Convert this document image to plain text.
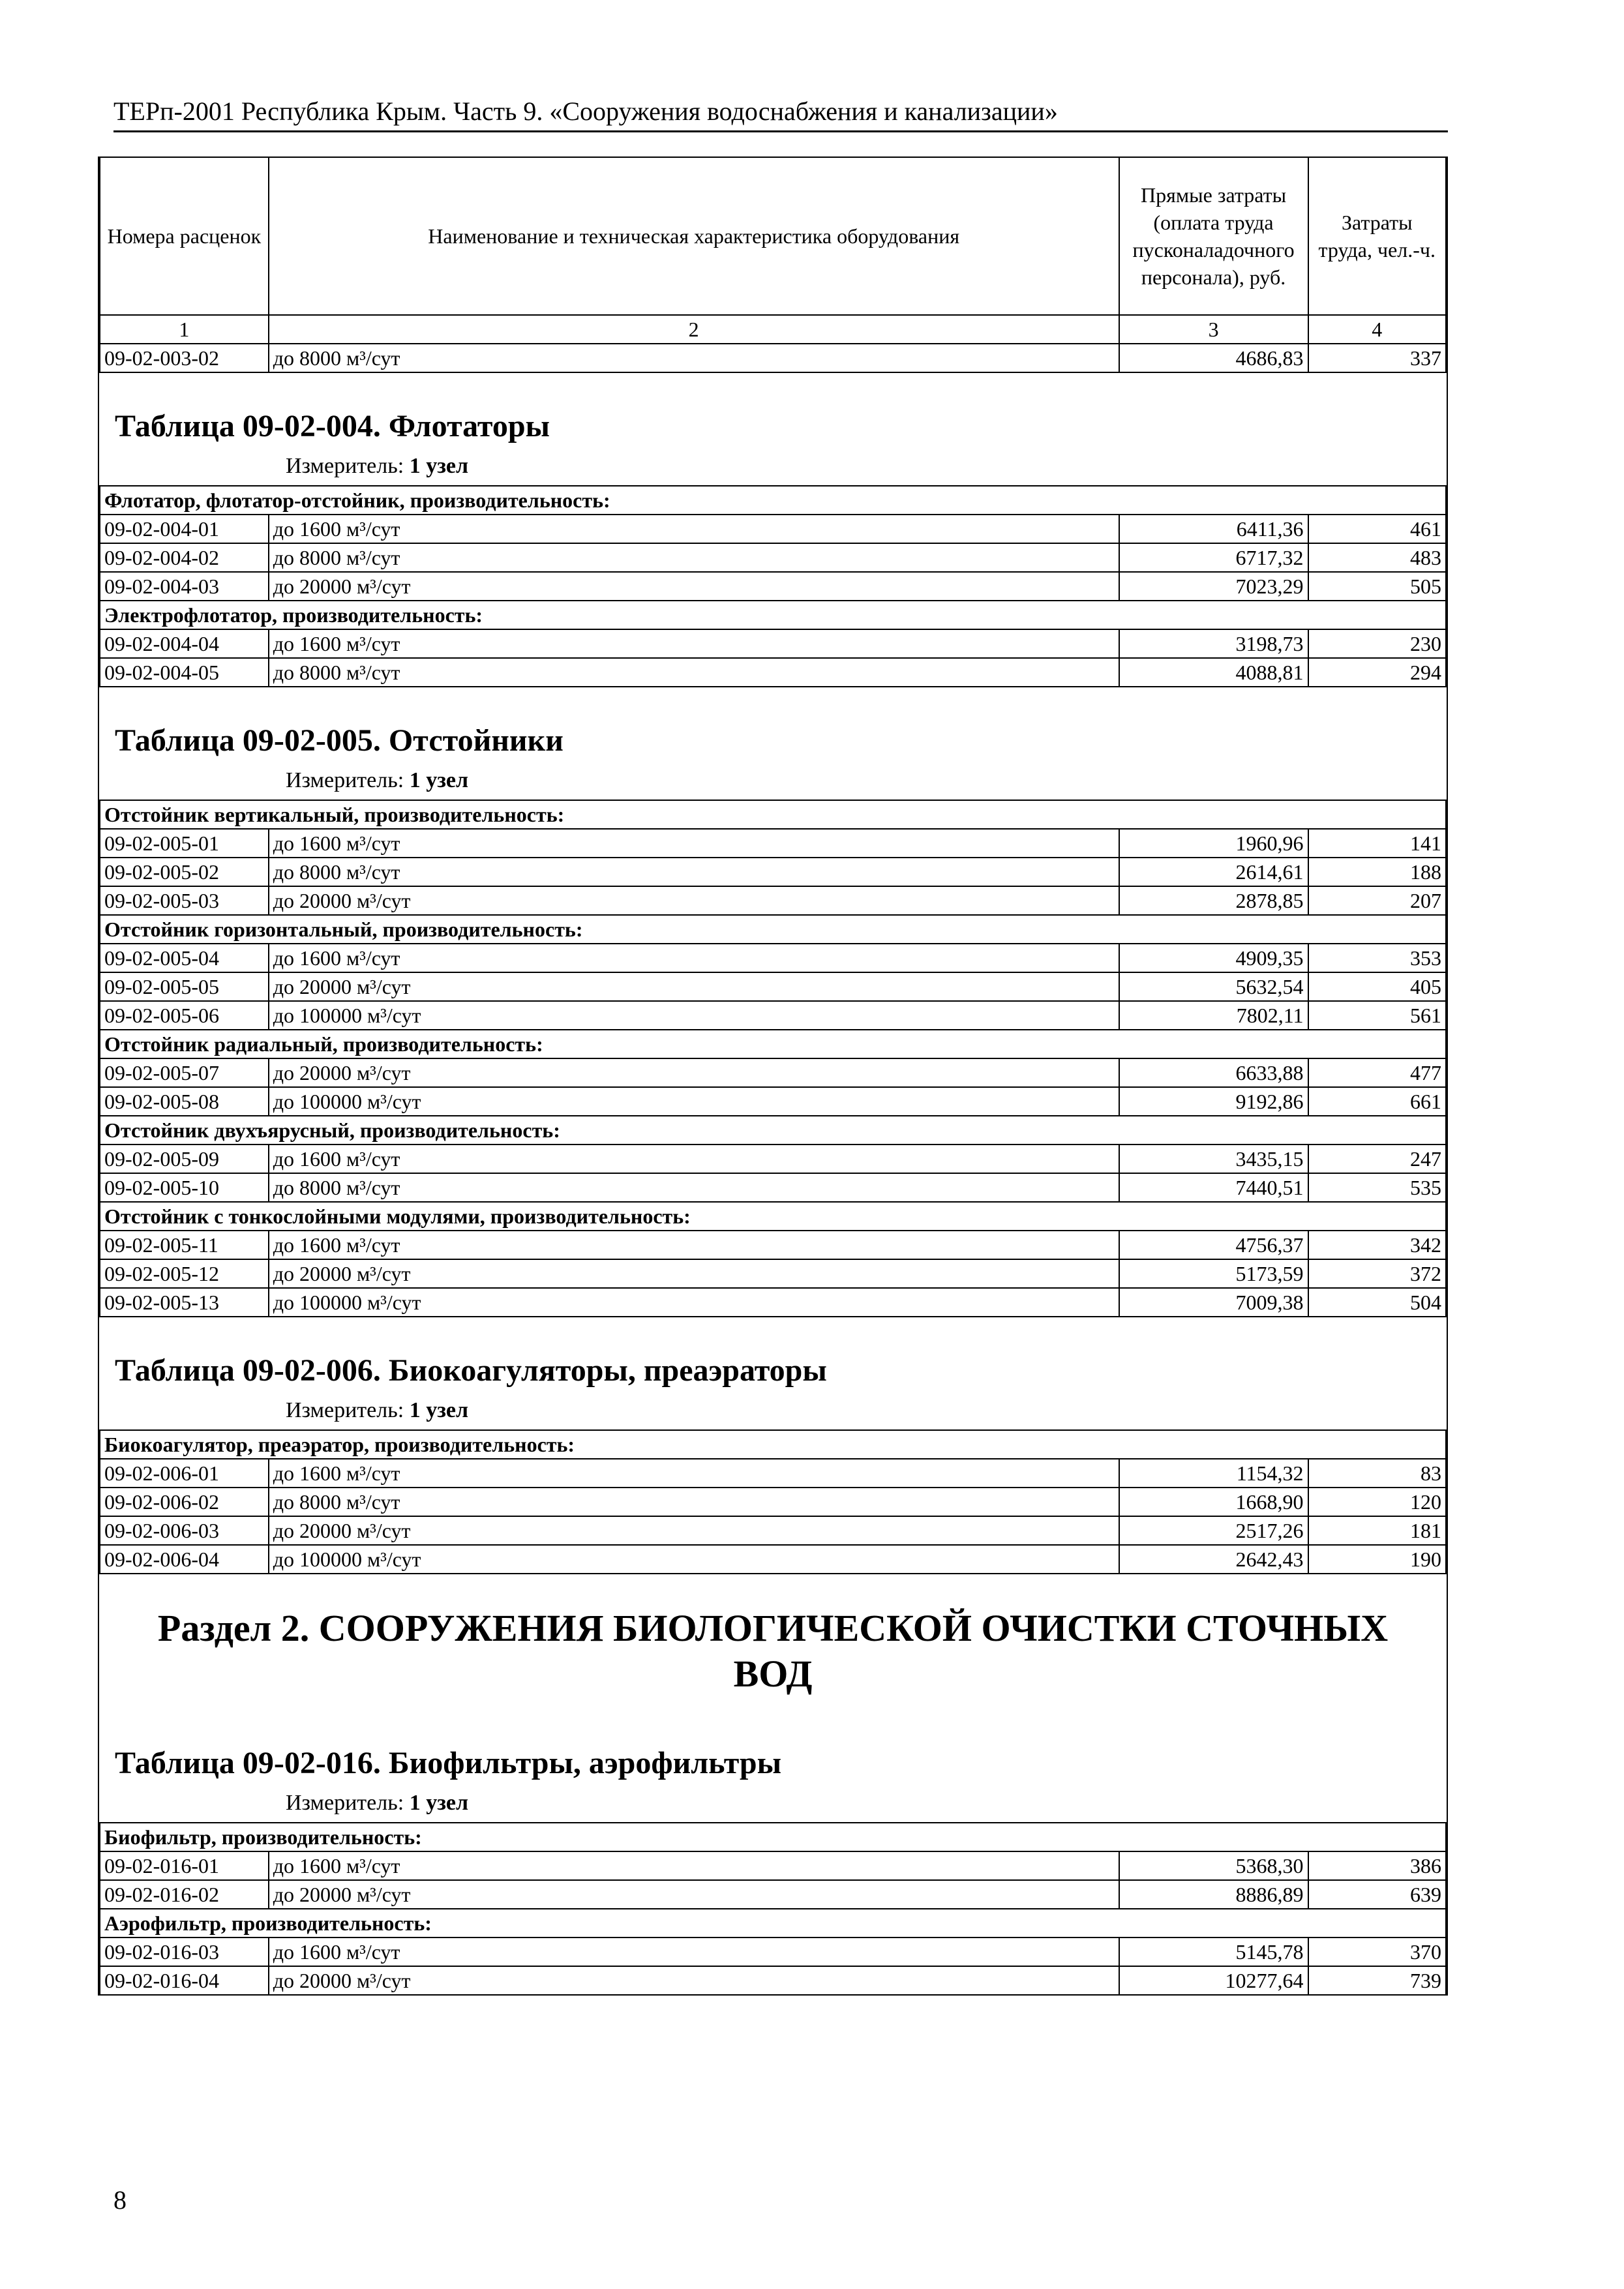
ТЕРп-2001 Республика Крым. Часть 9. «Сооружения водоснабжения и канализации»
Номера расценок	Наименование и техническая характеристика оборудования	Прямые затраты (оплата труда пусконаладочного персонала), руб.	Затраты труда, чел.-ч.
1	2	3	4
09-02-003-02	до 8000 м³/сут	4686,83	337
Таблица 09-02-004. Флотаторы
Измеритель: 1 узел
Флотатор, флотатор-отстойник, производительность:			
09-02-004-01	до 1600 м³/сут	6411,36	461
09-02-004-02	до 8000 м³/сут	6717,32	483
09-02-004-03	до 20000 м³/сут	7023,29	505
Электрофлотатор, производительность:			
09-02-004-04	до 1600 м³/сут	3198,73	230
09-02-004-05	до 8000 м³/сут	4088,81	294
Таблица 09-02-005. Отстойники
Измеритель: 1 узел
Отстойник вертикальный, производительность:			
09-02-005-01	до 1600 м³/сут	1960,96	141
09-02-005-02	до 8000 м³/сут	2614,61	188
09-02-005-03	до 20000 м³/сут	2878,85	207
Отстойник горизонтальный, производительность:			
09-02-005-04	до 1600 м³/сут	4909,35	353
09-02-005-05	до 20000 м³/сут	5632,54	405
09-02-005-06	до 100000 м³/сут	7802,11	561
Отстойник радиальный, производительность:			
09-02-005-07	до 20000 м³/сут	6633,88	477
09-02-005-08	до 100000 м³/сут	9192,86	661
Отстойник двухъярусный, производительность:			
09-02-005-09	до 1600 м³/сут	3435,15	247
09-02-005-10	до 8000 м³/сут	7440,51	535
Отстойник с тонкослойными модулями, производительность:			
09-02-005-11	до 1600 м³/сут	4756,37	342
09-02-005-12	до 20000 м³/сут	5173,59	372
09-02-005-13	до 100000 м³/сут	7009,38	504
Таблица 09-02-006. Биокоагуляторы, преаэраторы
Измеритель: 1 узел
Биокоагулятор, преаэратор, производительность:			
09-02-006-01	до 1600 м³/сут	1154,32	83
09-02-006-02	до 8000 м³/сут	1668,90	120
09-02-006-03	до 20000 м³/сут	2517,26	181
09-02-006-04	до 100000 м³/сут	2642,43	190
Раздел 2. СООРУЖЕНИЯ БИОЛОГИЧЕСКОЙ ОЧИСТКИ СТОЧНЫХ ВОД
Таблица 09-02-016. Биофильтры, аэрофильтры
Измеритель: 1 узел
Биофильтр, производительность:			
09-02-016-01	до 1600 м³/сут	5368,30	386
09-02-016-02	до 20000 м³/сут	8886,89	639
Аэрофильтр, производительность:			
09-02-016-03	до 1600 м³/сут	5145,78	370
09-02-016-04	до 20000 м³/сут	10277,64	739
8
